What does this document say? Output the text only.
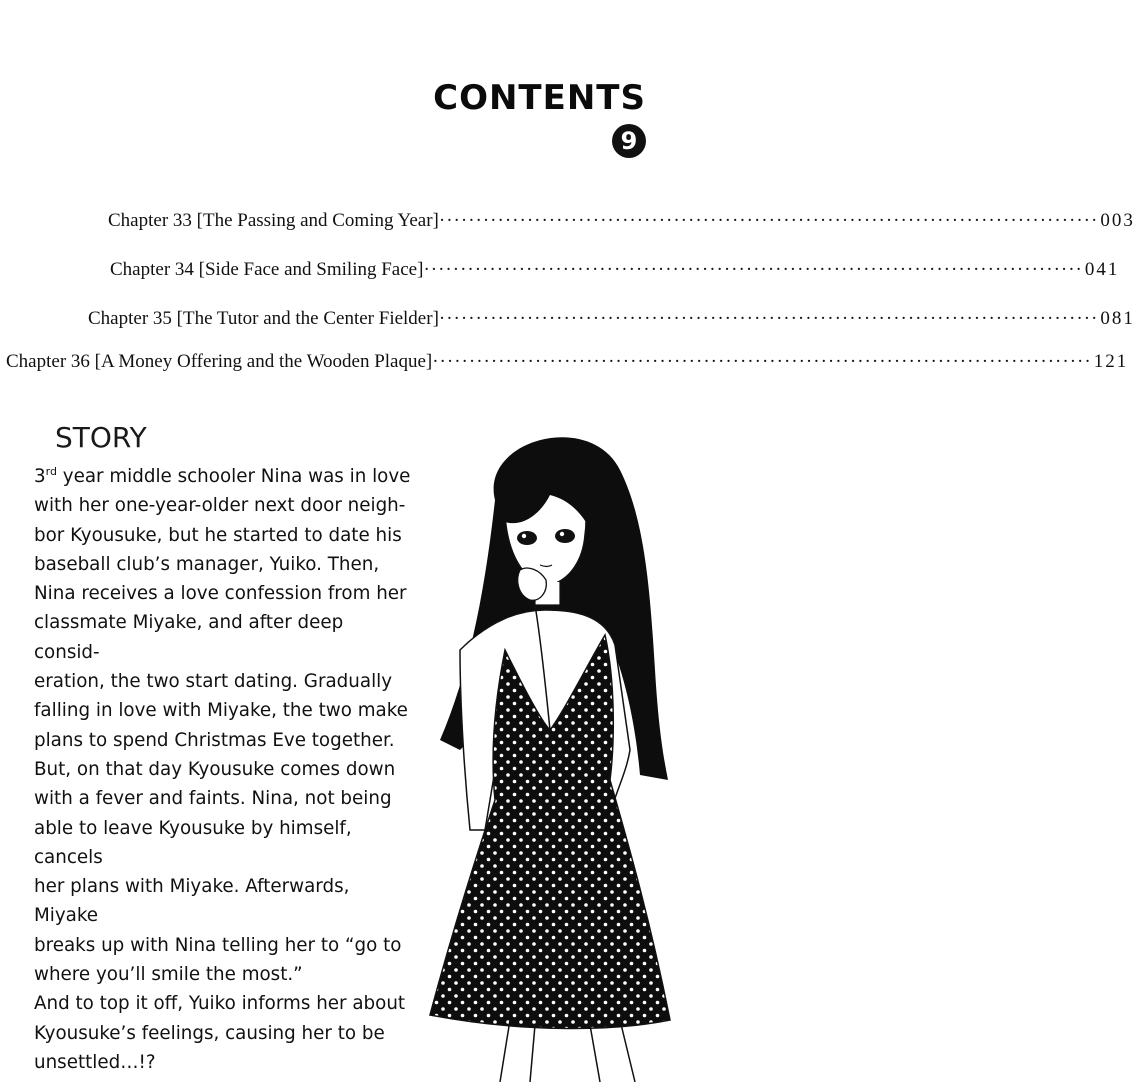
CONTENTS
9
Chapter 33 [The Passing and Coming Year] ·························································································· 003
Chapter 34 [Side Face and Smiling Face] ·························································································· 041
Chapter 35 [The Tutor and the Center Fielder] ·························································································· 081
Chapter 36 [A Money Offering and the Wooden Plaque] ·························································································· 121
STORY

3rd year middle schooler Nina was in love

with her one-year-older next door neigh-

bor Kyousuke, but he started to date his

baseball club’s manager, Yuiko. Then,

Nina receives a love confession from her

classmate Miyake, and after deep consid-

eration, the two start dating. Gradually

falling in love with Miyake, the two make

plans to spend Christmas Eve together.

But, on that day Kyousuke comes down

with a fever and faints. Nina, not being

able to leave Kyousuke by himself, cancels

her plans with Miyake. Afterwards, Miyake

breaks up with Nina telling her to “go to

where you’ll smile the most.”

And to top it off, Yuiko informs her about

Kyousuke’s feelings, causing her to be

unsettled…!?
